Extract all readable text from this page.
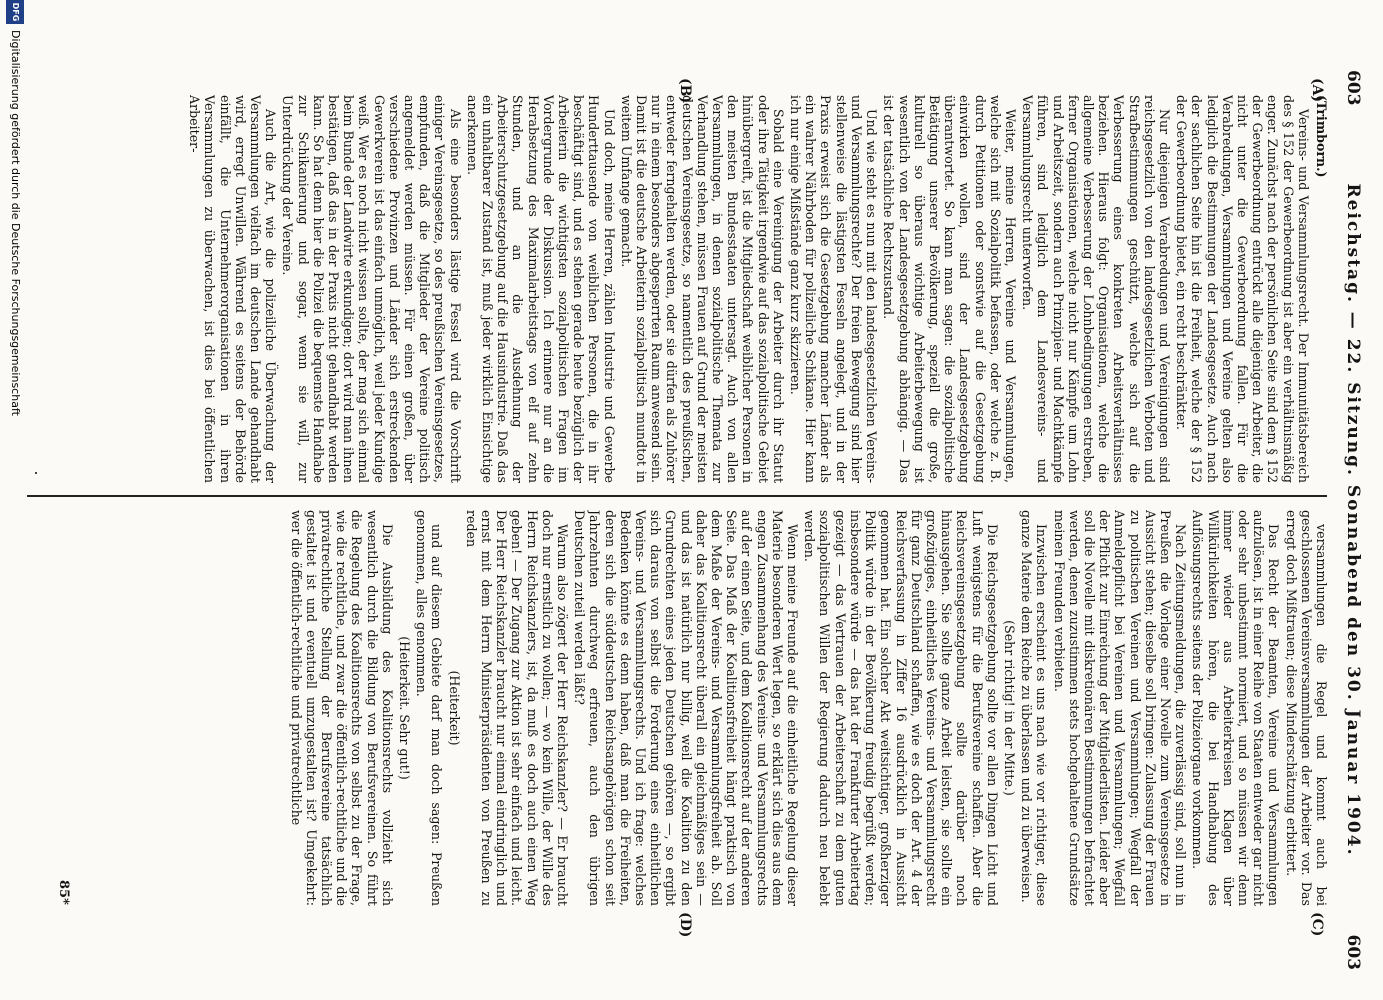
603
Reichstag. — 22. Sitzung. Sonnabend den 30. Januar 1904.
603
(A)
(B)
(C)
(D)

(Trimborn.)

Vereins- und Versammlungsrecht. Der Immunitätsbereich des § 152 der Gewerbeordnung ist aber ein verhältnismäßig enger. Zunächst nach der persönlichen Seite sind dem § 152 der Gewerbeordnung entrückt alle diejenigen Arbeiter, die nicht unter die Gewerbeordnung fallen. Für die Verabredungen, Versammlungen und Vereine gelten also lediglich die Bestimmungen der Landesgesetze. Auch nach der sachlichen Seite hin ist die Freiheit, welche der § 152 der Gewerbeordnung bietet, ein recht beschränkter.

Nur diejenigen Verabredungen und Vereinigungen sind reichsgesetzlich von den landesgesetzlichen Verboten und Strafbestimmungen geschützt, welche sich auf die Verbesserung eines konkreten Arbeitsverhältnisses beziehen. Hieraus folgt: Organisationen, welche die allgemeine Verbesserung der Lohnbedingungen erstreben, ferner Organisationen, welche nicht nur Kämpfe um Lohn und Arbeitszeit, sondern auch Prinzipien- und Machtkämpfe führen, sind lediglich dem Landesvereins- und Versammlungsrecht unterworfen.

Weiter, meine Herren, Vereine und Versammlungen, welche sich mit Sozialpolitik befassen, oder welche z. B. durch Petitionen oder sonstwie auf die Gesetzgebung einwirken wollen, sind der Landesgesetzgebung überantwortet. So kann man sagen: die sozialpolitische Betätigung unserer Bevölkerung, speziell die große, kulturell so überaus wichtige Arbeiterbewegung ist wesentlich von der Landesgesetzgebung abhängig. — Das ist der tatsächliche Rechtszustand.

Und wie steht es nun mit den landesgesetzlichen Vereins- und Versammlungsrechte? Der freien Bewegung sind hier stellenweise die lästigsten Fesseln angelegt, und in der Praxis erweist sich die Gesetzgebung mancher Länder als ein wahrer Nährboden für polizeiliche Schikane. Hier kann ich nur einige Mißstände ganz kurz skizzieren.

Sobald eine Vereinigung der Arbeiter durch ihr Statut oder ihre Tätigkeit irgendwie auf das sozialpolitische Gebiet hinübergreift, ist die Mitgliedschaft weiblicher Personen in den meisten Bundesstaaten untersagt. Auch von allen Versammlungen, in denen sozialpolitische Themata zur Verhandlung stehen, müssen Frauen auf Grund der meisten deutschen Vereinsgesetze, so namentlich des preußischen, entweder ferngehalten werden, oder sie dürfen als Zuhörer nur in einem besonders abgesperrten Raum anwesend sein. Damit ist die deutsche Arbeiterin sozialpolitisch mundtot in weitem Umfange gemacht.

Und doch, meine Herren, zählen Industrie und Gewerbe Hunderttausende von weiblichen Personen, die in ihr beschäftigt sind, und es stehen gerade heute bezüglich der Arbeiterin die wichtigsten sozialpolitischen Fragen im Vordergrunde der Diskussion. Ich erinnere nur an die Herabsetzung des Maximalarbeitstags von elf auf zehn Stunden, und an die Ausdehnung der Arbeiterschutzgesetzgebung auf die Hausindustrie. Daß das ein unhaltbarer Zustand ist, muß jeder wirklich Einsichtige anerkennen.

Als eine besonders lästige Fessel wird die Vorschrift einiger Vereinsgesetze, so des preußischen Vereinsgesetzes, empfunden, daß die Mitglieder der Vereine politisch angemeldet werden müssen. Für einen großen, über verschiedene Provinzen und Länder sich erstreckenden Gewerkverein ist das einfach unmöglich, weil jeder Kundige weiß. Wer es noch nicht wissen sollte, der mag sich einmal beim Bunde der Landwirte erkundigen; dort wird man ihnen bestätigen, daß das in der Praxis nicht gehandhabt werden kann. So hat denn hier die Polizei die bequemste Handhabe zur Schikanierung und sogar, wenn sie will, zur Unterdrückung der Vereine.

Auch die Art, wie die polizeiliche Überwachung der Versammlungen vielfach im deutschen Lande gehandhabt wird, erregt Unwillen. Während es seitens der Behörde einfällt, die Unternehmerorganisationen in ihren Versammlungen zu überwachen, ist dies bei öffentlichen Arbeiter-

versammlungen die Regel und kommt auch bei geschlossenen Vereinsversammlungen der Arbeiter vor. Das erregt doch Mißtrauen; diese Minderschätzung erbittert.

Das Recht der Beamten, Vereine und Versammlungen aufzulösen, ist in einer Reihe von Staaten entweder gar nicht oder sehr unbestimmt normiert, und so müssen wir denn immer wieder aus Arbeiterkreisen Klagen über Willkürlichkeiten hören, die bei Handhabung des Auflösungsrechts seitens der Polizeiorgane vorkommen.

Nach Zeitungsmeldungen, die zuverlässig sind, soll nun in Preußen die Vorlage einer Novelle zum Vereinsgesetze in Aussicht stehen; dieselbe soll bringen: Zulassung der Frauen zu politischen Vereinen und Versammlungen; Wegfall der Anmeldepflicht bei Vereinen und Versammlungen; Wegfall der Pflicht zur Einreichung der Mitgliederlisten. Leider aber soll die Novelle mit diskretionären Bestimmungen befrachtet werden, denen zuzustimmen stets hochgehaltene Grundsätze meinen Freunden verbieten.

Inzwischen erscheint es uns nach wie vor richtiger, diese ganze Materie dem Reiche zu überlassen und zu überweisen.

(Sehr richtig! in der Mitte.)

Die Reichsgesetzgebung sollte vor allen Dingen Licht und Luft wenigstens für die Berufsvereine schaffen. Aber die Reichsvereinsgesetzgebung sollte darüber noch hinausgehen. Sie sollte ganze Arbeit leisten, sie sollte ein großzügiges, einheitliches Vereins- und Versammlungsrecht für ganz Deutschland schaffen, wie es doch der Art. 4 der Reichsverfassung in Ziffer 16 ausdrücklich in Aussicht genommen hat. Ein solcher Akt weitsichtiger, großherziger Politik würde in der Bevölkerung freudig begrüßt werden; insbesondere würde — das hat der Frankfurter Arbeitertag gezeigt — das Vertrauen der Arbeiterschaft zu dem guten sozialpolitischen Willen der Regierung dadurch neu belebt werden.

Wenn meine Freunde auf die einheitliche Regelung dieser Materie besonderen Wert legen, so erklärt sich dies aus dem engen Zusammenhang des Vereins- und Versammlungsrechts auf der einen Seite, und dem Koalitionsrecht auf der anderen Seite. Das Maß der Koalitionsfreiheit hängt praktisch von dem Maße der Vereins- und Versammlungsfreiheit ab. Soll daher das Koalitionsrecht überall ein gleichmäßiges sein — und das ist natürlich nur billig, weil die Koalition zu den Grundrechten eines jeden Deutschen gehören —, so ergibt sich daraus von selbst die Forderung eines einheitlichen Vereins- und Versammlungsrechts. Und ich frage: welches Bedenken könnte es denn haben, daß man die Freiheiten, deren sich die süddeutschen Reichsangehörigen schon seit Jahrzehnten durchweg erfreuen, auch den übrigen Deutschen zuteil werden läßt?

Warum also zögert der Herr Reichskanzler? — Er braucht doch nur ernstlich zu wollen; — wo kein Wille, der Wille des Herrn Reichskanzlers, ist, da muß es doch auch einen Weg geben! — Der Zugang zur Aktion ist sehr einfach und leicht. Der Herr Reichskanzler braucht nur einmal eindringlich und ernst mit dem Herrn Ministerpräsidenten von Preußen zu reden

(Heiterkeit)

und auf diesem Gebiete darf man doch sagen: Preußen genommen, alles genommen.

(Heiterkeit. Sehr gut!)

Die Ausbildung des Koalitionsrechts vollzieht sich wesentlich durch die Bildung von Berufsvereinen. So führt die Regelung des Koalitionsrechts von selbst zu der Frage, wie die rechtliche, und zwar die öffentlich-rechtliche und die privatrechtliche Stellung der Berufsvereine tatsächlich gestaltet ist und eventuell umzugestalten ist? Umgekehrt: wer die öffentlich-rechtliche und privatrechtliche

85*
Digitalisierung gefördert durch die Deutsche Forschungsgemeinschaft
DFG
